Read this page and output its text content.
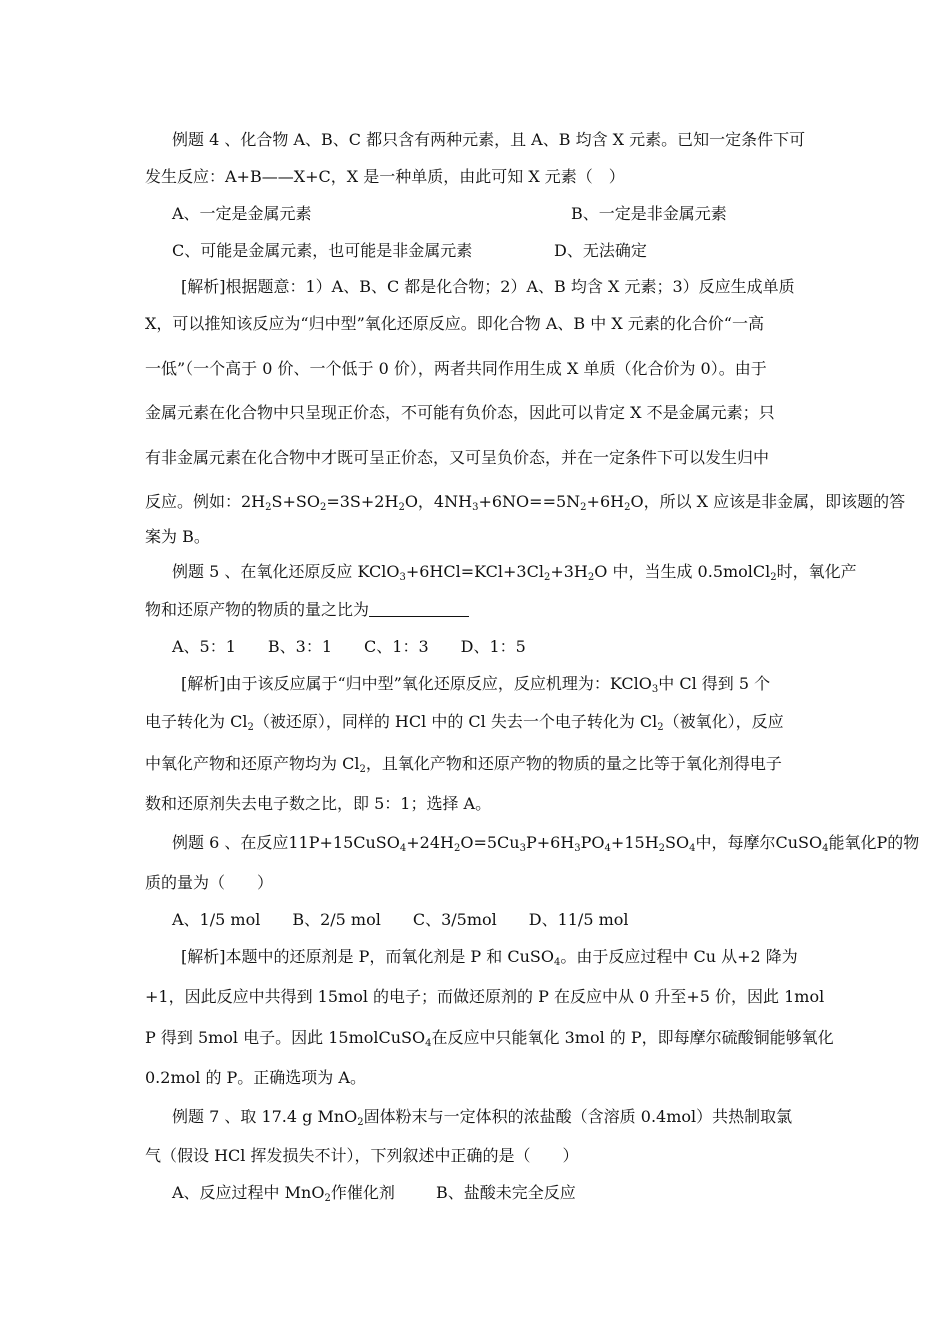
例题 4 、化合物 A、B、C 都只含有两种元素，且 A、B 均含 X 元素。已知一定条件下可
发生反应：A+B——X+C，X 是一种单质，由此可知 X 元素（　）
A、一定是金属元素	B、一定是非金属元素
C、可能是金属元素，也可能是非金属元素	D、无法确定
[解析]根据题意：1）A、B、C 都是化合物；2）A、B 均含 X 元素；3）反应生成单质
X，可以推知该反应为“归中型”氧化还原反应。即化合物 A、B 中 X 元素的化合价“一高
一低”（一个高于 0 价、一个低于 0 价），两者共同作用生成 X 单质（化合价为 0）。由于
金属元素在化合物中只呈现正价态，不可能有负价态，因此可以肯定 X 不是金属元素；只
有非金属元素在化合物中才既可呈正价态，又可呈负价态，并在一定条件下可以发生归中
反应。例如：$2H_2S+SO_2=3S+2H_2O$，$4NH_3+6NO==5N_2+6H_2O$，所以 X 应该是非金属，即该题的答
案为 B。
例题 5 、在氧化还原反应 $KClO_3+6HCl=KCl+3Cl_2+3H_2O$ 中，当生成 0.5molCl$_2$时，氧化产
物和还原产物的物质的量之比为
A、5：1　　B、3：1　　C、1：3　　D、1：5
[解析]由于该反应属于“归中型”氧化还原反应，反应机理为：KClO$_3$中 Cl 得到 5 个
电子转化为 $Cl_2$（被还原），同样的 HCl 中的 Cl 失去一个电子转化为 $Cl_2$（被氧化），反应
中氧化产物和还原产物均为 $Cl_2$，且氧化产物和还原产物的物质的量之比等于氧化剂得电子
数和还原剂失去电子数之比，即 5：1；选择 A。
例题 6 、在反应$11P+15CuSO_4+24H_2O=5Cu_3P+6H_3PO_4+15H_2SO_4$中，每摩尔CuSO$_4$能氧化P的物
质的量为（　　）
A、1/5 mol　　B、2/5 mol　　C、3/5mol　　D、11/5 mol
[解析]本题中的还原剂是 P，而氧化剂是 P 和 CuSO$_4$。由于反应过程中 Cu 从+2 降为
+1，因此反应中共得到 15mol 的电子；而做还原剂的 P 在反应中从 0 升至+5 价，因此 1mol
P 得到 5mol 电子。因此 15molCuSO$_4$在反应中只能氧化 3mol 的 P，即每摩尔硫酸铜能够氧化
0.2mol 的 P。正确选项为 A。
例题 7 、取 17.4 g MnO$_2$固体粉末与一定体积的浓盐酸（含溶质 0.4mol）共热制取氯
气（假设 HCl 挥发损失不计），下列叙述中正确的是（　　）
A、反应过程中 MnO$_2$作催化剂	B、盐酸未完全反应
